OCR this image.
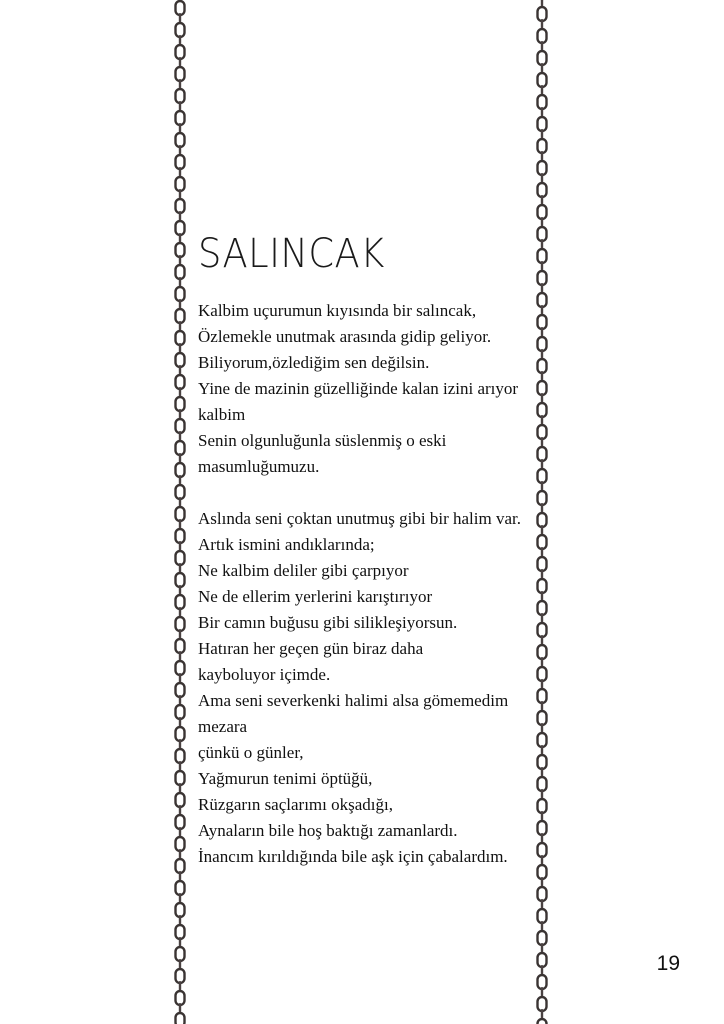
SALINCAK

Kalbim uçurumun kıyısında bir salıncak,
Özlemekle unutmak arasında gidip geliyor.
Biliyorum,özlediğim sen değilsin.
Yine de mazinin güzelliğinde kalan izini arıyor
kalbim
Senin olgunluğunla süslenmiş o eski
masumluğumuzu.

Aslında seni çoktan unutmuş gibi bir halim var.
Artık ismini andıklarında;
Ne kalbim deliler gibi çarpıyor
Ne de ellerim yerlerini karıştırıyor
Bir camın buğusu gibi silikleşiyorsun.
Hatıran her geçen gün biraz daha
kayboluyor içimde.
Ama seni severkenki halimi alsa gömemedim
mezara
çünkü o günler,
Yağmurun tenimi öptüğü,
Rüzgarın saçlarımı okşadığı,
Aynaların bile hoş baktığı zamanlardı.
İnancım kırıldığında bile aşk için çabalardım.

19
